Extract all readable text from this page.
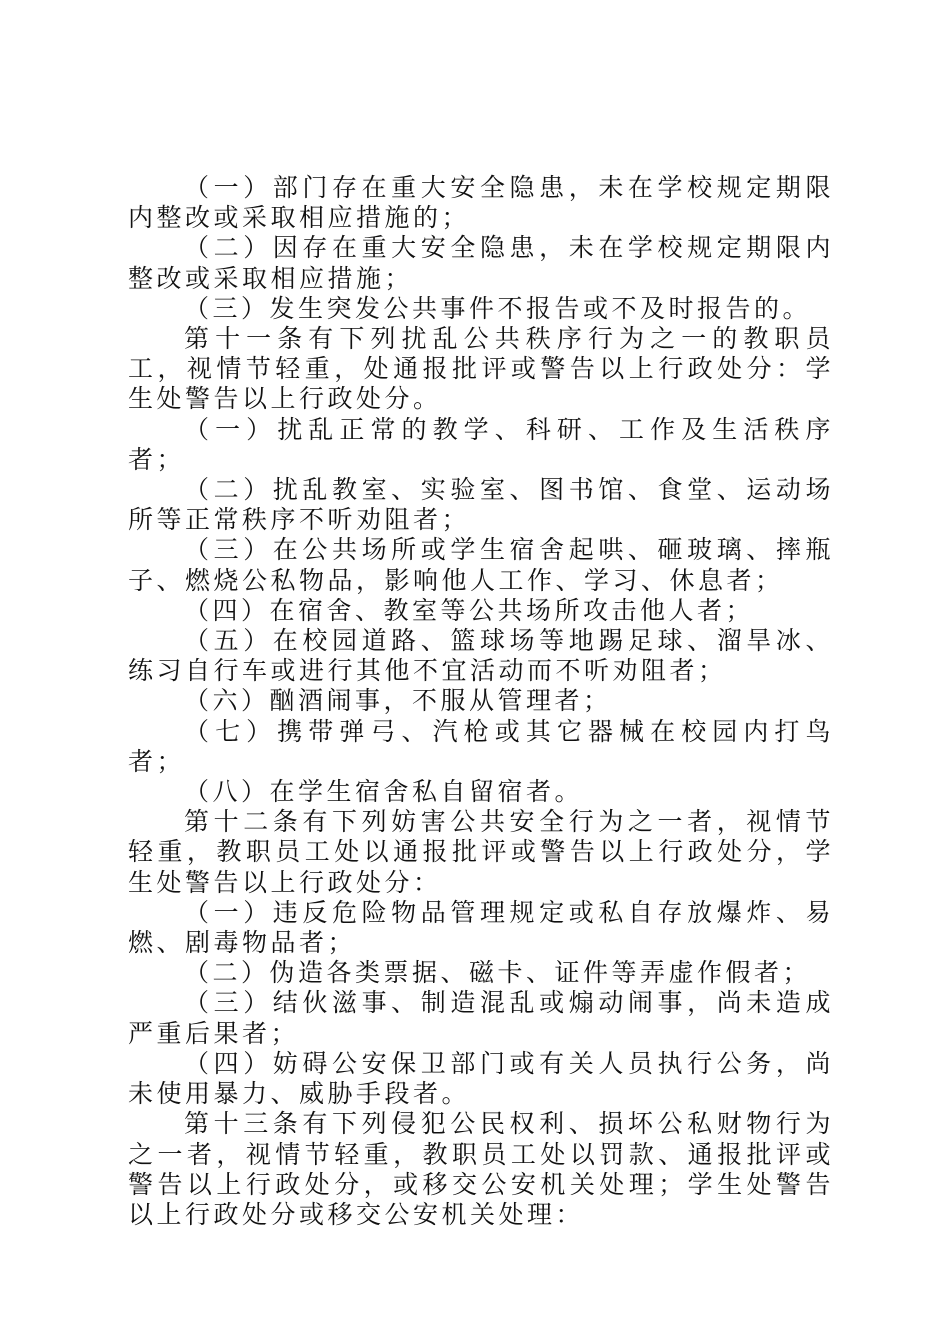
（一）部门存在重大安全隐患，未在学校规定期限内整改或采取相应措施的；

（二）因存在重大安全隐患，未在学校规定期限内整改或采取相应措施；

（三）发生突发公共事件不报告或不及时报告的。

第十一条有下列扰乱公共秩序行为之一的教职员工，视情节轻重，处通报批评或警告以上行政处分：学生处警告以上行政处分。

（一）扰乱正常的教学、科研、工作及生活秩序者；

（二）扰乱教室、实验室、图书馆、食堂、运动场所等正常秩序不听劝阻者；

（三）在公共场所或学生宿舍起哄、砸玻璃、摔瓶子、燃烧公私物品，影响他人工作、学习、休息者；

（四）在宿舍、教室等公共场所攻击他人者；

（五）在校园道路、篮球场等地踢足球、溜旱冰、练习自行车或进行其他不宜活动而不听劝阻者；

（六）酗酒闹事，不服从管理者；

（七）携带弹弓、汽枪或其它器械在校园内打鸟者；

（八）在学生宿舍私自留宿者。

第十二条有下列妨害公共安全行为之一者，视情节轻重，教职员工处以通报批评或警告以上行政处分，学生处警告以上行政处分：

（一）违反危险物品管理规定或私自存放爆炸、易燃、剧毒物品者；

（二）伪造各类票据、磁卡、证件等弄虚作假者；

（三）结伙滋事、制造混乱或煽动闹事，尚未造成严重后果者；

（四）妨碍公安保卫部门或有关人员执行公务，尚未使用暴力、威胁手段者。

第十三条有下列侵犯公民权利、损坏公私财物行为之一者，视情节轻重，教职员工处以罚款、通报批评或警告以上行政处分，或移交公安机关处理；学生处警告以上行政处分或移交公安机关处理：
